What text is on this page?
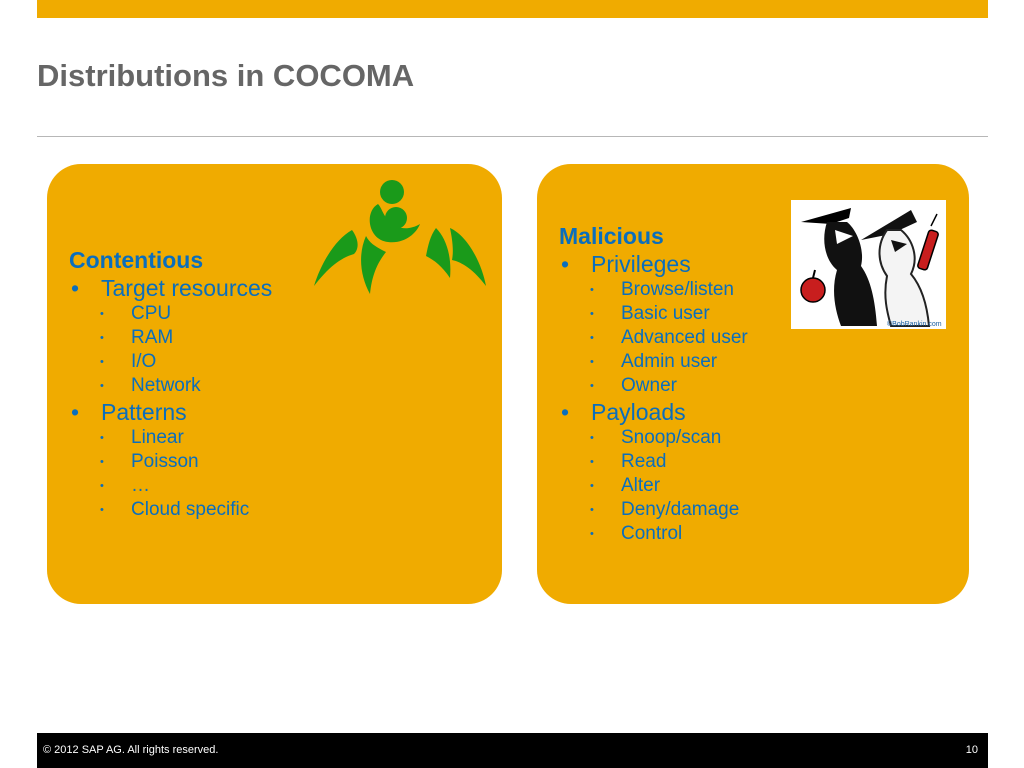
Distributions in COCOMA
Contentious
• Target resources
• CPU
• RAM
• I/O
• Network
• Patterns
• Linear
• Poisson
• …
• Cloud specific
Malicious
• Privileges
• Browse/listen
• Basic user
• Advanced user
• Admin user
• Owner
• Payloads
• Snoop/scan
• Read
• Alter
• Deny/damage
• Control
©BobRankin.com
© 2012 SAP AG. All rights reserved.	10
